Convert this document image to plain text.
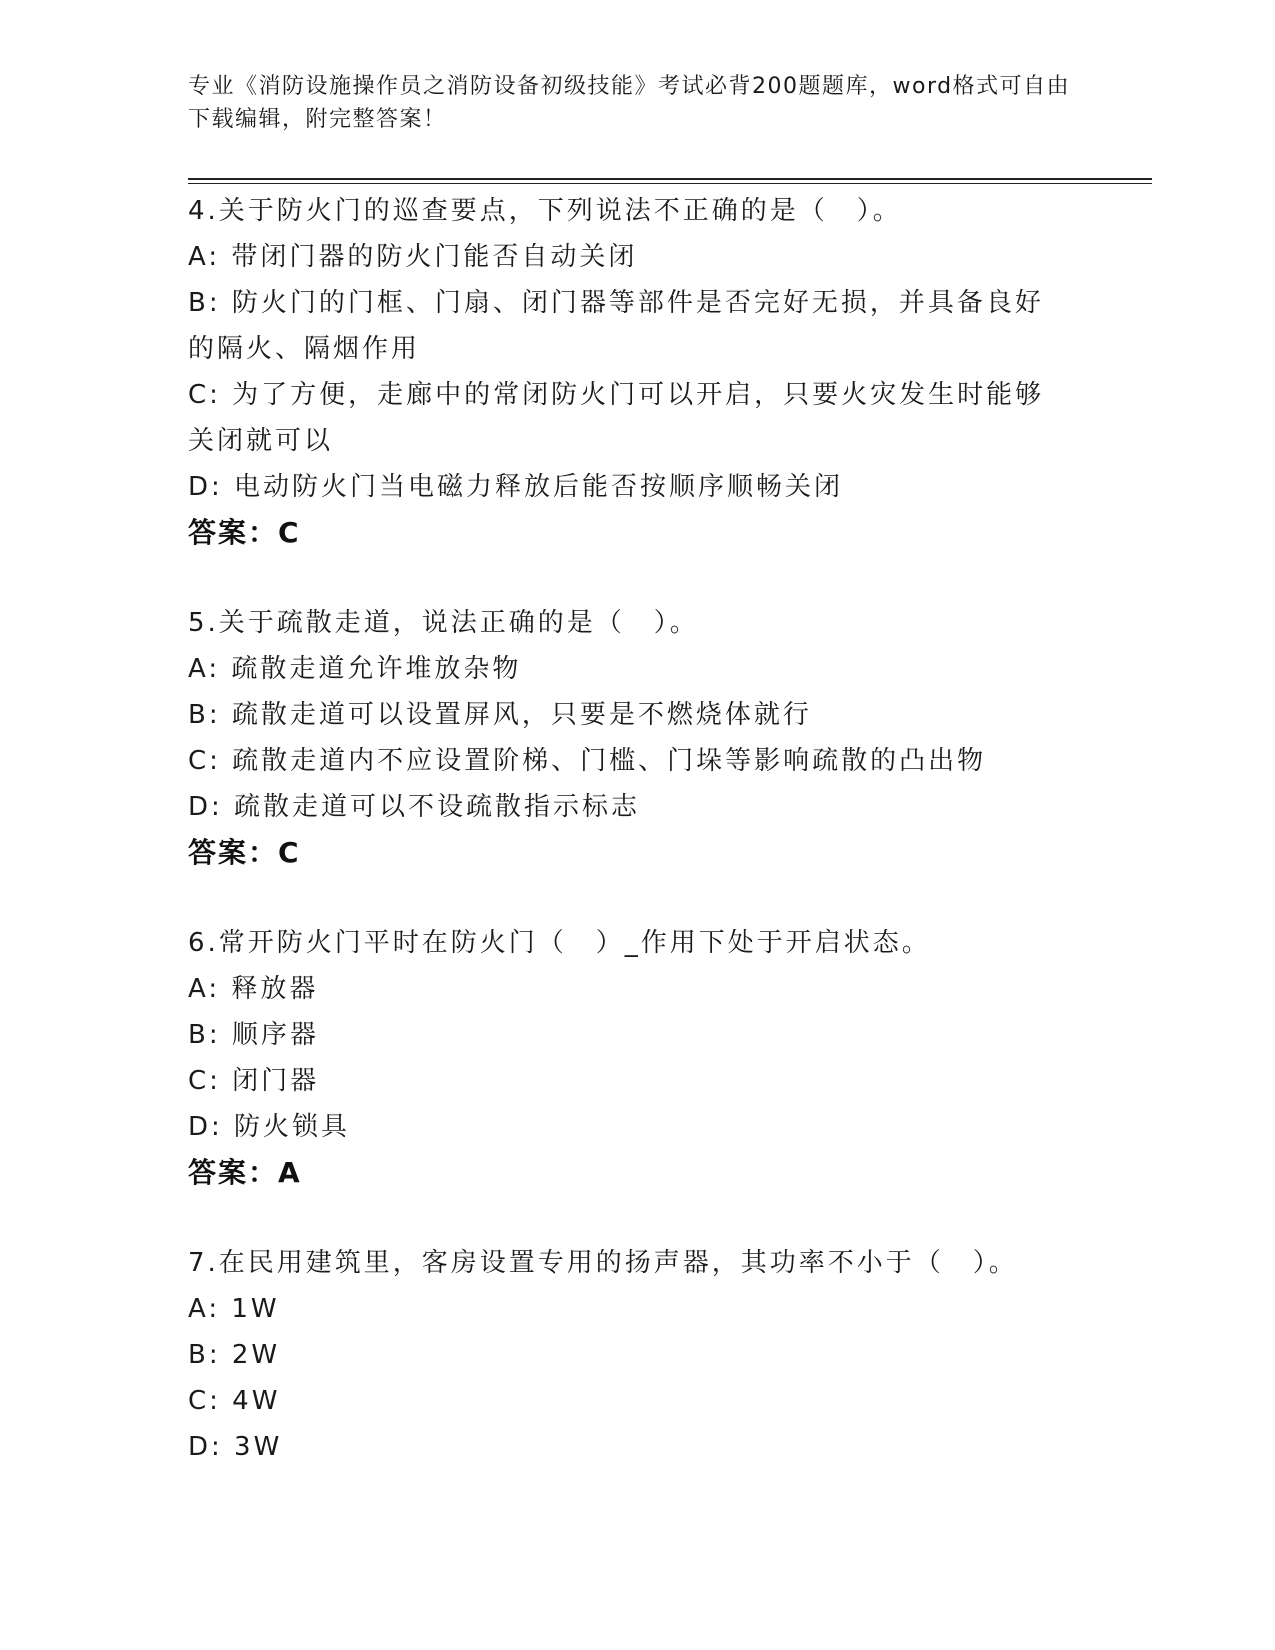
专业《消防设施操作员之消防设备初级技能》考试必背200题题库，word格式可自由下载编辑，附完整答案！
4.关于防火门的巡查要点，下列说法不正确的是（　）。
A: 带闭门器的防火门能否自动关闭
B: 防火门的门框、门扇、闭门器等部件是否完好无损，并具备良好的隔火、隔烟作用
C: 为了方便，走廊中的常闭防火门可以开启，只要火灾发生时能够关闭就可以
D: 电动防火门当电磁力释放后能否按顺序顺畅关闭
答案：C
5.关于疏散走道，说法正确的是（　）。
A: 疏散走道允许堆放杂物
B: 疏散走道可以设置屏风，只要是不燃烧体就行
C: 疏散走道内不应设置阶梯、门槛、门垛等影响疏散的凸出物
D: 疏散走道可以不设疏散指示标志
答案：C
6.常开防火门平时在防火门（　）_作用下处于开启状态。
A: 释放器
B: 顺序器
C: 闭门器
D: 防火锁具
答案：A
7.在民用建筑里，客房设置专用的扬声器，其功率不小于（　）。
A: 1W
B: 2W
C: 4W
D: 3W
